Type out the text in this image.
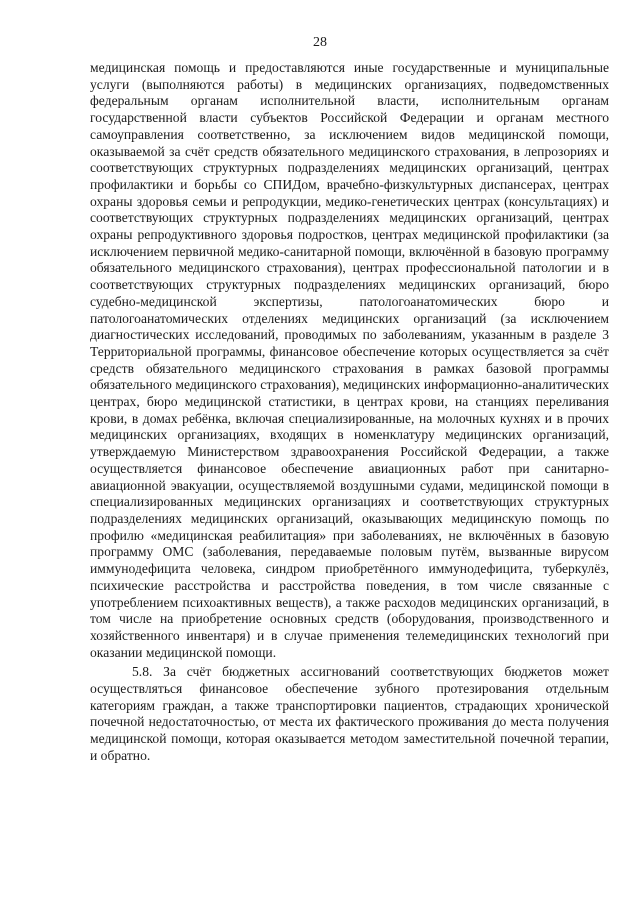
28

медицинская помощь и предоставляются иные государственные и муниципальные услуги (выполняются работы) в медицинских организациях, подведомственных федеральным органам исполнительной власти, исполнительным органам государственной власти субъектов Российской Федерации и органам местного самоуправления соответственно, за исключением видов медицинской помощи, оказываемой за счёт средств обязательного медицинского страхования, в лепрозориях и соответствующих структурных подразделениях медицинских организаций, центрах профилактики и борьбы со СПИДом, врачебно-физкультурных диспансерах, центрах охраны здоровья семьи и репродукции, медико-генетических центрах (консультациях) и соответствующих структурных подразделениях медицинских организаций, центрах охраны репродуктивного здоровья подростков, центрах медицинской профилактики (за исключением первичной медико-санитарной помощи, включённой в базовую программу обязательного медицинского страхования), центрах профессиональной патологии и в соответствующих структурных подразделениях медицинских организаций, бюро судебно-медицинской экспертизы, патологоанатомических бюро и патологоанатомических отделениях медицинских организаций (за исключением диагностических исследований, проводимых по заболеваниям, указанным в разделе 3 Территориальной программы, финансовое обеспечение которых осуществляется за счёт средств обязательного медицинского страхования в рамках базовой программы обязательного медицинского страхования), медицинских информационно-аналитических центрах, бюро медицинской статистики, в центрах крови, на станциях переливания крови, в домах ребёнка, включая специализированные, на молочных кухнях и в прочих медицинских организациях, входящих в номенклатуру медицинских организаций, утверждаемую Министерством здравоохранения Российской Федерации, а также осуществляется финансовое обеспечение авиационных работ при санитарно-авиационной эвакуации, осуществляемой воздушными судами, медицинской помощи в специализированных медицинских организациях и соответствующих структурных подразделениях медицинских организаций, оказывающих медицинскую помощь по профилю «медицинская реабилитация» при заболеваниях, не включённых в базовую программу ОМС (заболевания, передаваемые половым путём, вызванные вирусом иммунодефицита человека, синдром приобретённого иммунодефицита, туберкулёз, психические расстройства и расстройства поведения, в том числе связанные с употреблением психоактивных веществ), а также расходов медицинских организаций, в том числе на приобретение основных средств (оборудования, производственного и хозяйственного инвентаря) и в случае применения телемедицинских технологий при оказании медицинской помощи.

5.8. За счёт бюджетных ассигнований соответствующих бюджетов может осуществляться финансовое обеспечение зубного протезирования отдельным категориям граждан, а также транспортировки пациентов, страдающих хронической почечной недостаточностью, от места их фактического проживания до места получения медицинской помощи, которая оказывается методом заместительной почечной терапии, и обратно.
